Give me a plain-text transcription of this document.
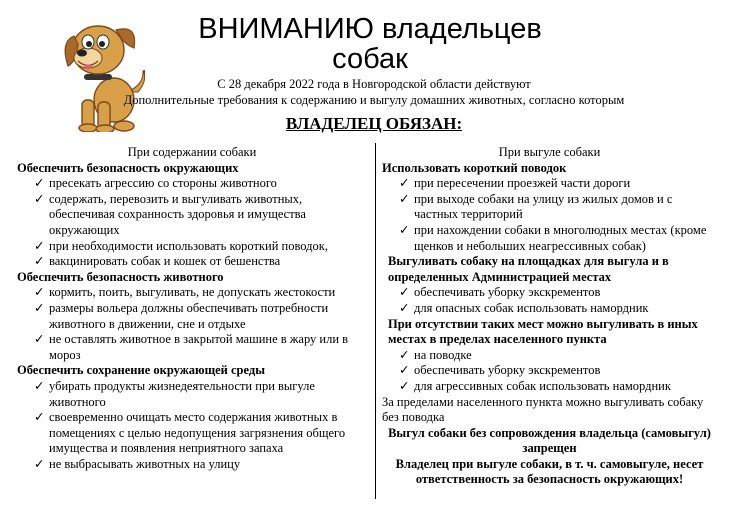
ВНИМАНИЮ владельцев
собак
С 28 декабря 2022 года в Новгородской области действуют
Дополнительные требования к содержанию и выгулу домашних животных, согласно которым
ВЛАДЕЛЕЦ ОБЯЗАН:
При содержании собаки
Обеспечить безопасность окружающих
✓ пресекать агрессию со стороны животного
✓ содержать, перевозить и выгуливать животных, обеспечивая сохранность здоровья и имущества окружающих
✓ при необходимости использовать короткий поводок,
✓ вакцинировать собак и кошек от бешенства
Обеспечить безопасность животного
✓ кормить, поить, выгуливать, не допускать жестокости
✓ размеры вольера должны обеспечивать потребности животного в движении, сне и отдыхе
✓ не оставлять животное в закрытой машине в жару или в мороз
Обеспечить сохранение окружающей среды
✓ убирать продукты жизнедеятельности при выгуле животного
✓ своевременно очищать место содержания животных в помещениях с целью недопущения загрязнения общего имущества и появления неприятного запаха
✓ не выбрасывать животных на улицу
При выгуле собаки
Использовать короткий поводок
✓ при пересечении проезжей части дороги
✓ при выходе собаки на улицу из жилых домов и с частных территорий
✓ при нахождении собаки в многолюдных местах (кроме щенков и небольших неагрессивных собак)
Выгуливать собаку на площадках для выгула и в определенных Администрацией местах
✓ обеспечивать уборку экскрементов
✓ для опасных собак использовать намордник
При отсутствии таких мест можно выгуливать в иных местах в пределах населенного пункта
✓ на поводке
✓ обеспечивать уборку экскрементов
✓ для агрессивных собак использовать намордник
За пределами населенного пункта можно выгуливать собаку без поводка
Выгул собаки без сопровождения владельца (самовыгул) запрещен
Владелец при выгуле собаки, в т. ч. самовыгуле, несет ответственность за безопасность окружающих!
